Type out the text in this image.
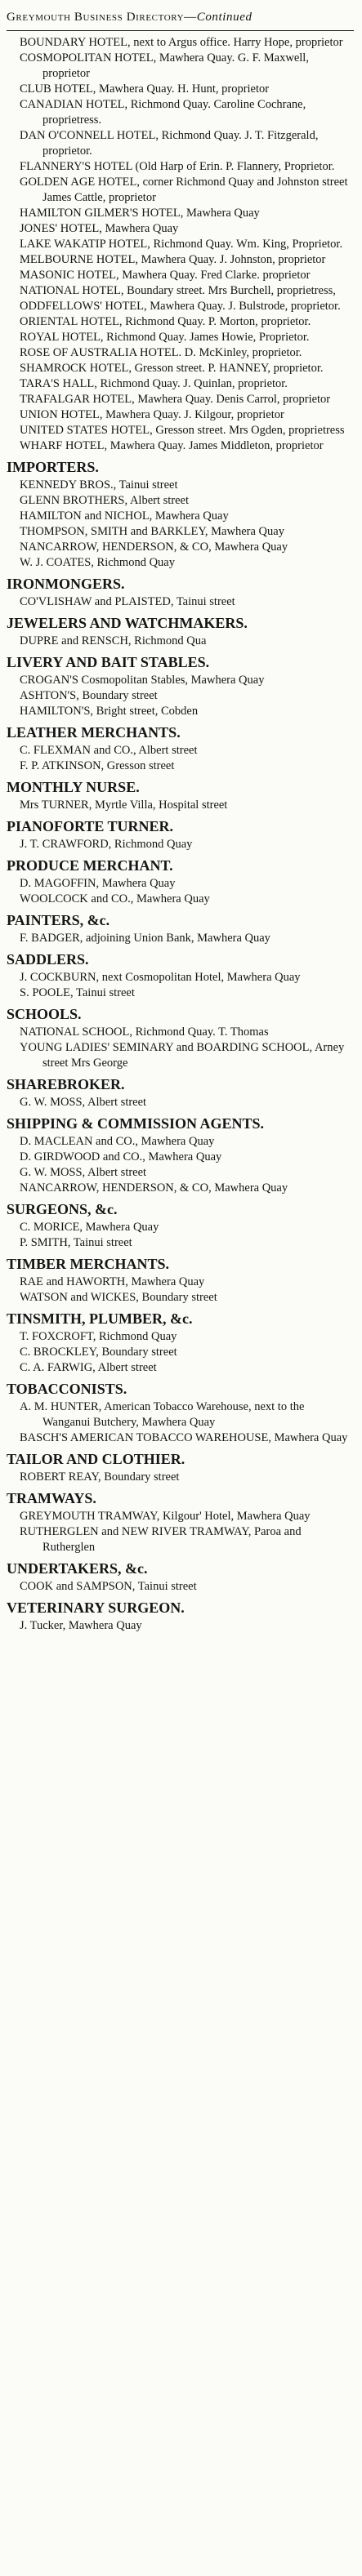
Greymouth Business Directory—Continued

BOUNDARY HOTEL, next to Argus office. Harry Hope, proprietor

COSMOPOLITAN HOTEL, Mawhera Quay. G. F. Maxwell, proprietor

CLUB HOTEL, Mawhera Quay. H. Hunt, proprietor

CANADIAN HOTEL, Richmond Quay. Caroline Cochrane, proprietress.

DAN O'CONNELL HOTEL, Richmond Quay. J. T. Fitzgerald, proprietor.

FLANNERY'S HOTEL (Old Harp of Erin. P. Flannery, Proprietor.

GOLDEN AGE HOTEL, corner Richmond Quay and Johnston street James Cattle, proprietor

HAMILTON GILMER'S HOTEL, Mawhera Quay

JONES' HOTEL, Mawhera Quay

LAKE WAKATIP HOTEL, Richmond Quay. Wm. King, Proprietor.

MELBOURNE HOTEL, Mawhera Quay. J. Johnston, proprietor

MASONIC HOTEL, Mawhera Quay. Fred Clarke. proprietor

NATIONAL HOTEL, Boundary street. Mrs Burchell, proprietress,

ODDFELLOWS' HOTEL, Mawhera Quay. J. Bulstrode, proprietor.

ORIENTAL HOTEL, Richmond Quay. P. Morton, proprietor.

ROYAL HOTEL, Richmond Quay. James Howie, Proprietor.

ROSE OF AUSTRALIA HOTEL. D. McKinley, proprietor.

SHAMROCK HOTEL, Gresson street. P. HANNEY, proprietor.

TARA'S HALL, Richmond Quay. J. Quinlan, proprietor.

TRAFALGAR HOTEL, Mawhera Quay. Denis Carrol, proprietor

UNION HOTEL, Mawhera Quay. J. Kilgour, proprietor

UNITED STATES HOTEL, Gresson street. Mrs Ogden, proprietress

WHARF HOTEL, Mawhera Quay. James Middleton, proprietor

IMPORTERS.

KENNEDY BROS., Tainui street

GLENN BROTHERS, Albert street

HAMILTON and NICHOL, Mawhera Quay

THOMPSON, SMITH and BARKLEY, Mawhera Quay

NANCARROW, HENDERSON, & CO, Mawhera Quay

W. J. COATES, Richmond Quay

IRONMONGERS.

CO'VLISHAW and PLAISTED, Tainui street

JEWELERS AND WATCHMAKERS.

DUPRE and RENSCH, Richmond Qua

LIVERY AND BAIT STABLES.

CROGAN'S Cosmopolitan Stables, Mawhera Quay

ASHTON'S, Boundary street

HAMILTON'S, Bright street, Cobden

LEATHER MERCHANTS.

C. FLEXMAN and CO., Albert street

F. P. ATKINSON, Gresson street

MONTHLY NURSE.

Mrs TURNER, Myrtle Villa, Hospital street

PIANOFORTE TURNER.

J. T. CRAWFORD, Richmond Quay

PRODUCE MERCHANT.

D. MAGOFFIN, Mawhera Quay

WOOLCOCK and CO., Mawhera Quay

PAINTERS, &c.

F. BADGER, adjoining Union Bank, Mawhera Quay

SADDLERS.

J. COCKBURN, next Cosmopolitan Hotel, Mawhera Quay

S. POOLE, Tainui street

SCHOOLS.

NATIONAL SCHOOL, Richmond Quay. T. Thomas

YOUNG LADIES' SEMINARY and BOARDING SCHOOL, Arney street Mrs George

SHAREBROKER.

G. W. MOSS, Albert street

SHIPPING & COMMISSION AGENTS.

D. MACLEAN and CO., Mawhera Quay

D. GIRDWOOD and CO., Mawhera Quay

G. W. MOSS, Albert street

NANCARROW, HENDERSON, & CO, Mawhera Quay

SURGEONS, &c.

C. MORICE, Mawhera Quay

P. SMITH, Tainui street

TIMBER MERCHANTS.

RAE and HAWORTH, Mawhera Quay

WATSON and WICKES, Boundary street

TINSMITH, PLUMBER, &c.

T. FOXCROFT, Richmond Quay

C. BROCKLEY, Boundary street

C. A. FARWIG, Albert street

TOBACCONISTS.

A. M. HUNTER, American Tobacco Warehouse, next to the Wanganui Butchery, Mawhera Quay

BASCH'S AMERICAN TOBACCO WAREHOUSE, Mawhera Quay

TAILOR AND CLOTHIER.

ROBERT REAY, Boundary street

TRAMWAYS.

GREYMOUTH TRAMWAY, Kilgour' Hotel, Mawhera Quay

RUTHERGLEN and NEW RIVER TRAMWAY, Paroa and Rutherglen

UNDERTAKERS, &c.

COOK and SAMPSON, Tainui street

VETERINARY SURGEON.

J. Tucker, Mawhera Quay
